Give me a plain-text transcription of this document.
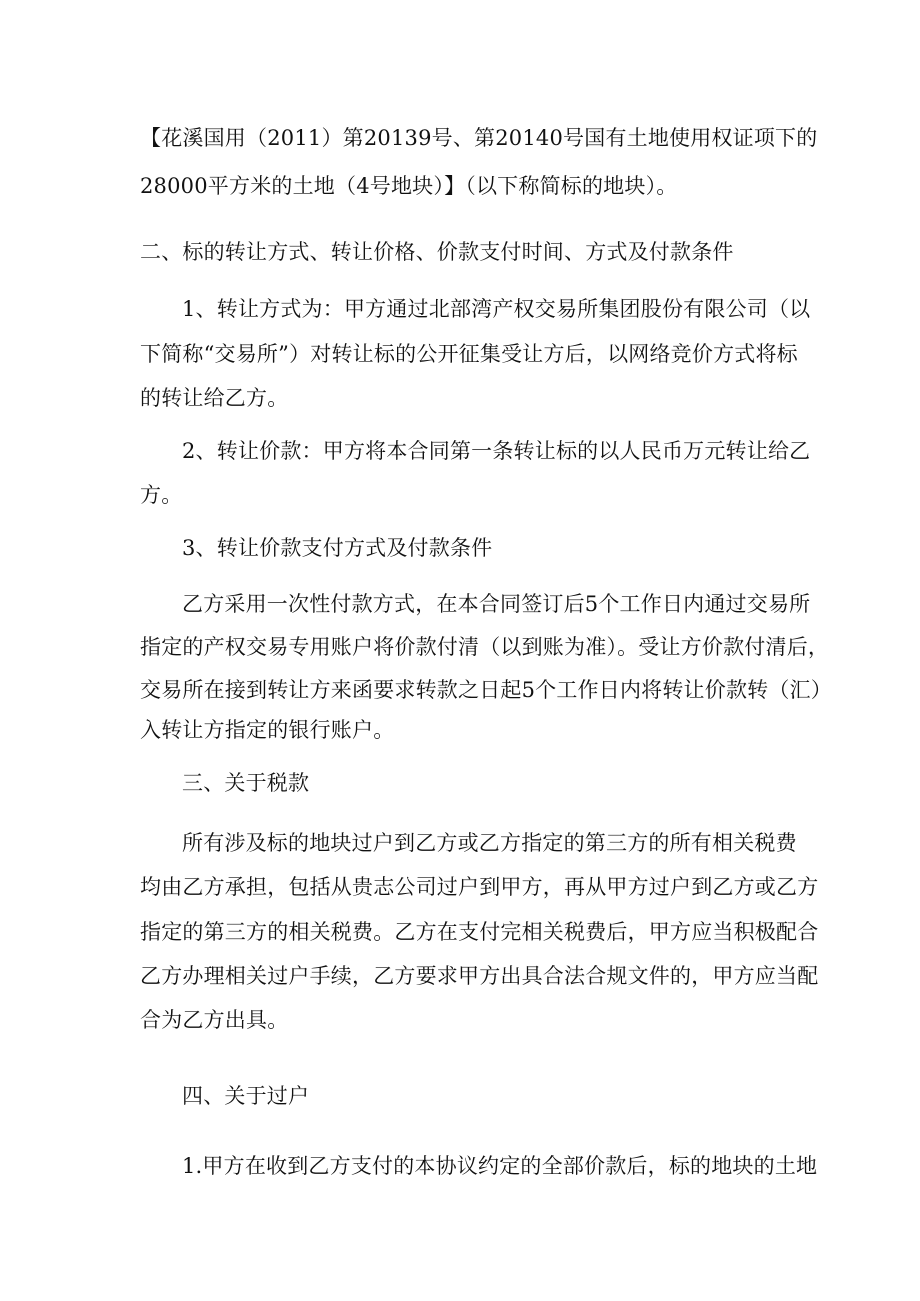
【花溪国用（2011）第20139号、第20140号国有土地使用权证项下的
28000平方米的土地（4号地块）】（以下称简标的地块）。
二、标的转让方式、转让价格、价款支付时间、方式及付款条件
1、转让方式为：甲方通过北部湾产权交易所集团股份有限公司（以
下简称“交易所”）对转让标的公开征集受让方后，以网络竞价方式将标
的转让给乙方。
2、转让价款：甲方将本合同第一条转让标的以人民币万元转让给乙
方。
3、转让价款支付方式及付款条件
乙方采用一次性付款方式，在本合同签订后5个工作日内通过交易所
指定的产权交易专用账户将价款付清（以到账为准）。受让方价款付清后，
交易所在接到转让方来函要求转款之日起5个工作日内将转让价款转（汇）
入转让方指定的银行账户。
三、关于税款
所有涉及标的地块过户到乙方或乙方指定的第三方的所有相关税费
均由乙方承担，包括从贵志公司过户到甲方，再从甲方过户到乙方或乙方
指定的第三方的相关税费。乙方在支付完相关税费后，甲方应当积极配合
乙方办理相关过户手续，乙方要求甲方出具合法合规文件的，甲方应当配
合为乙方出具。
四、关于过户
1.甲方在收到乙方支付的本协议约定的全部价款后，标的地块的土地
